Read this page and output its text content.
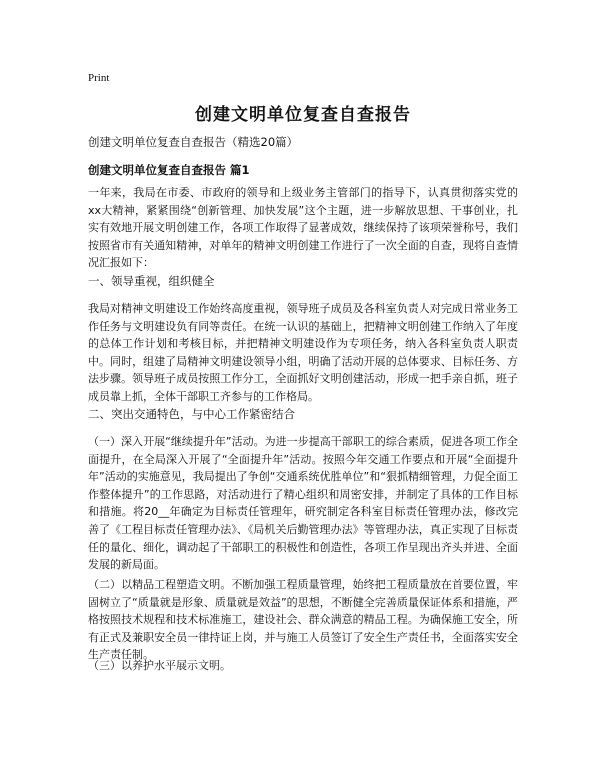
Print
创建文明单位复查自查报告

创建文明单位复查自查报告（精选20篇）

创建文明单位复查自查报告 篇1

一年来，我局在市委、市政府的领导和上级业务主管部门的指导下，认真贯彻落实党的xx大精神，紧紧围绕“创新管理、加快发展”这个主题，进一步解放思想、干事创业，扎实有效地开展文明创建工作，各项工作取得了显著成效，继续保持了该项荣誉称号，我们按照省市有关通知精神，对单年的精神文明创建工作进行了一次全面的自查，现将自查情况汇报如下：

一、领导重视，组织健全

我局对精神文明建设工作始终高度重视，领导班子成员及各科室负责人对完成日常业务工作任务与文明建设负有同等责任。在统一认识的基础上，把精神文明创建工作纳入了年度的总体工作计划和考核目标，并把精神文明建设作为专项任务，纳入各科室负责人职责中。同时，组建了局精神文明建设领导小组，明确了活动开展的总体要求、目标任务、方法步骤。领导班子成员按照工作分工，全面抓好文明创建活动，形成一把手亲自抓，班子成员靠上抓，全体干部职工齐参与的工作格局。

二、突出交通特色，与中心工作紧密结合

（一）深入开展“继续提升年”活动。为进一步提高干部职工的综合素质，促进各项工作全面提升，在全局深入开展了“全面提升年”活动。按照今年交通工作要点和开展“全面提升年”活动的实施意见，我局提出了争创“交通系统优胜单位”和“狠抓精细管理，力促全面工作整体提升”的工作思路，对活动进行了精心组织和周密安排，并制定了具体的工作目标和措施。将20__年确定为目标责任管理年，研究制定各科室目标责任管理办法，修改完善了《工程目标责任管理办法》、《局机关后勤管理办法》等管理办法，真正实现了目标责任的量化、细化，调动起了干部职工的积极性和创造性，各项工作呈现出齐头并进、全面发展的新局面。

（二）以精品工程塑造文明。不断加强工程质量管理，始终把工程质量放在首要位置，牢固树立了“质量就是形象、质量就是效益”的思想，不断健全完善质量保证体系和措施，严格按照技术规程和技术标准施工，建设社会、群众满意的精品工程。为确保施工安全，所有正式及兼职安全员一律持证上岗，并与施工人员签订了安全生产责任书，全面落实安全生产责任制。

（三）以养护水平展示文明。
